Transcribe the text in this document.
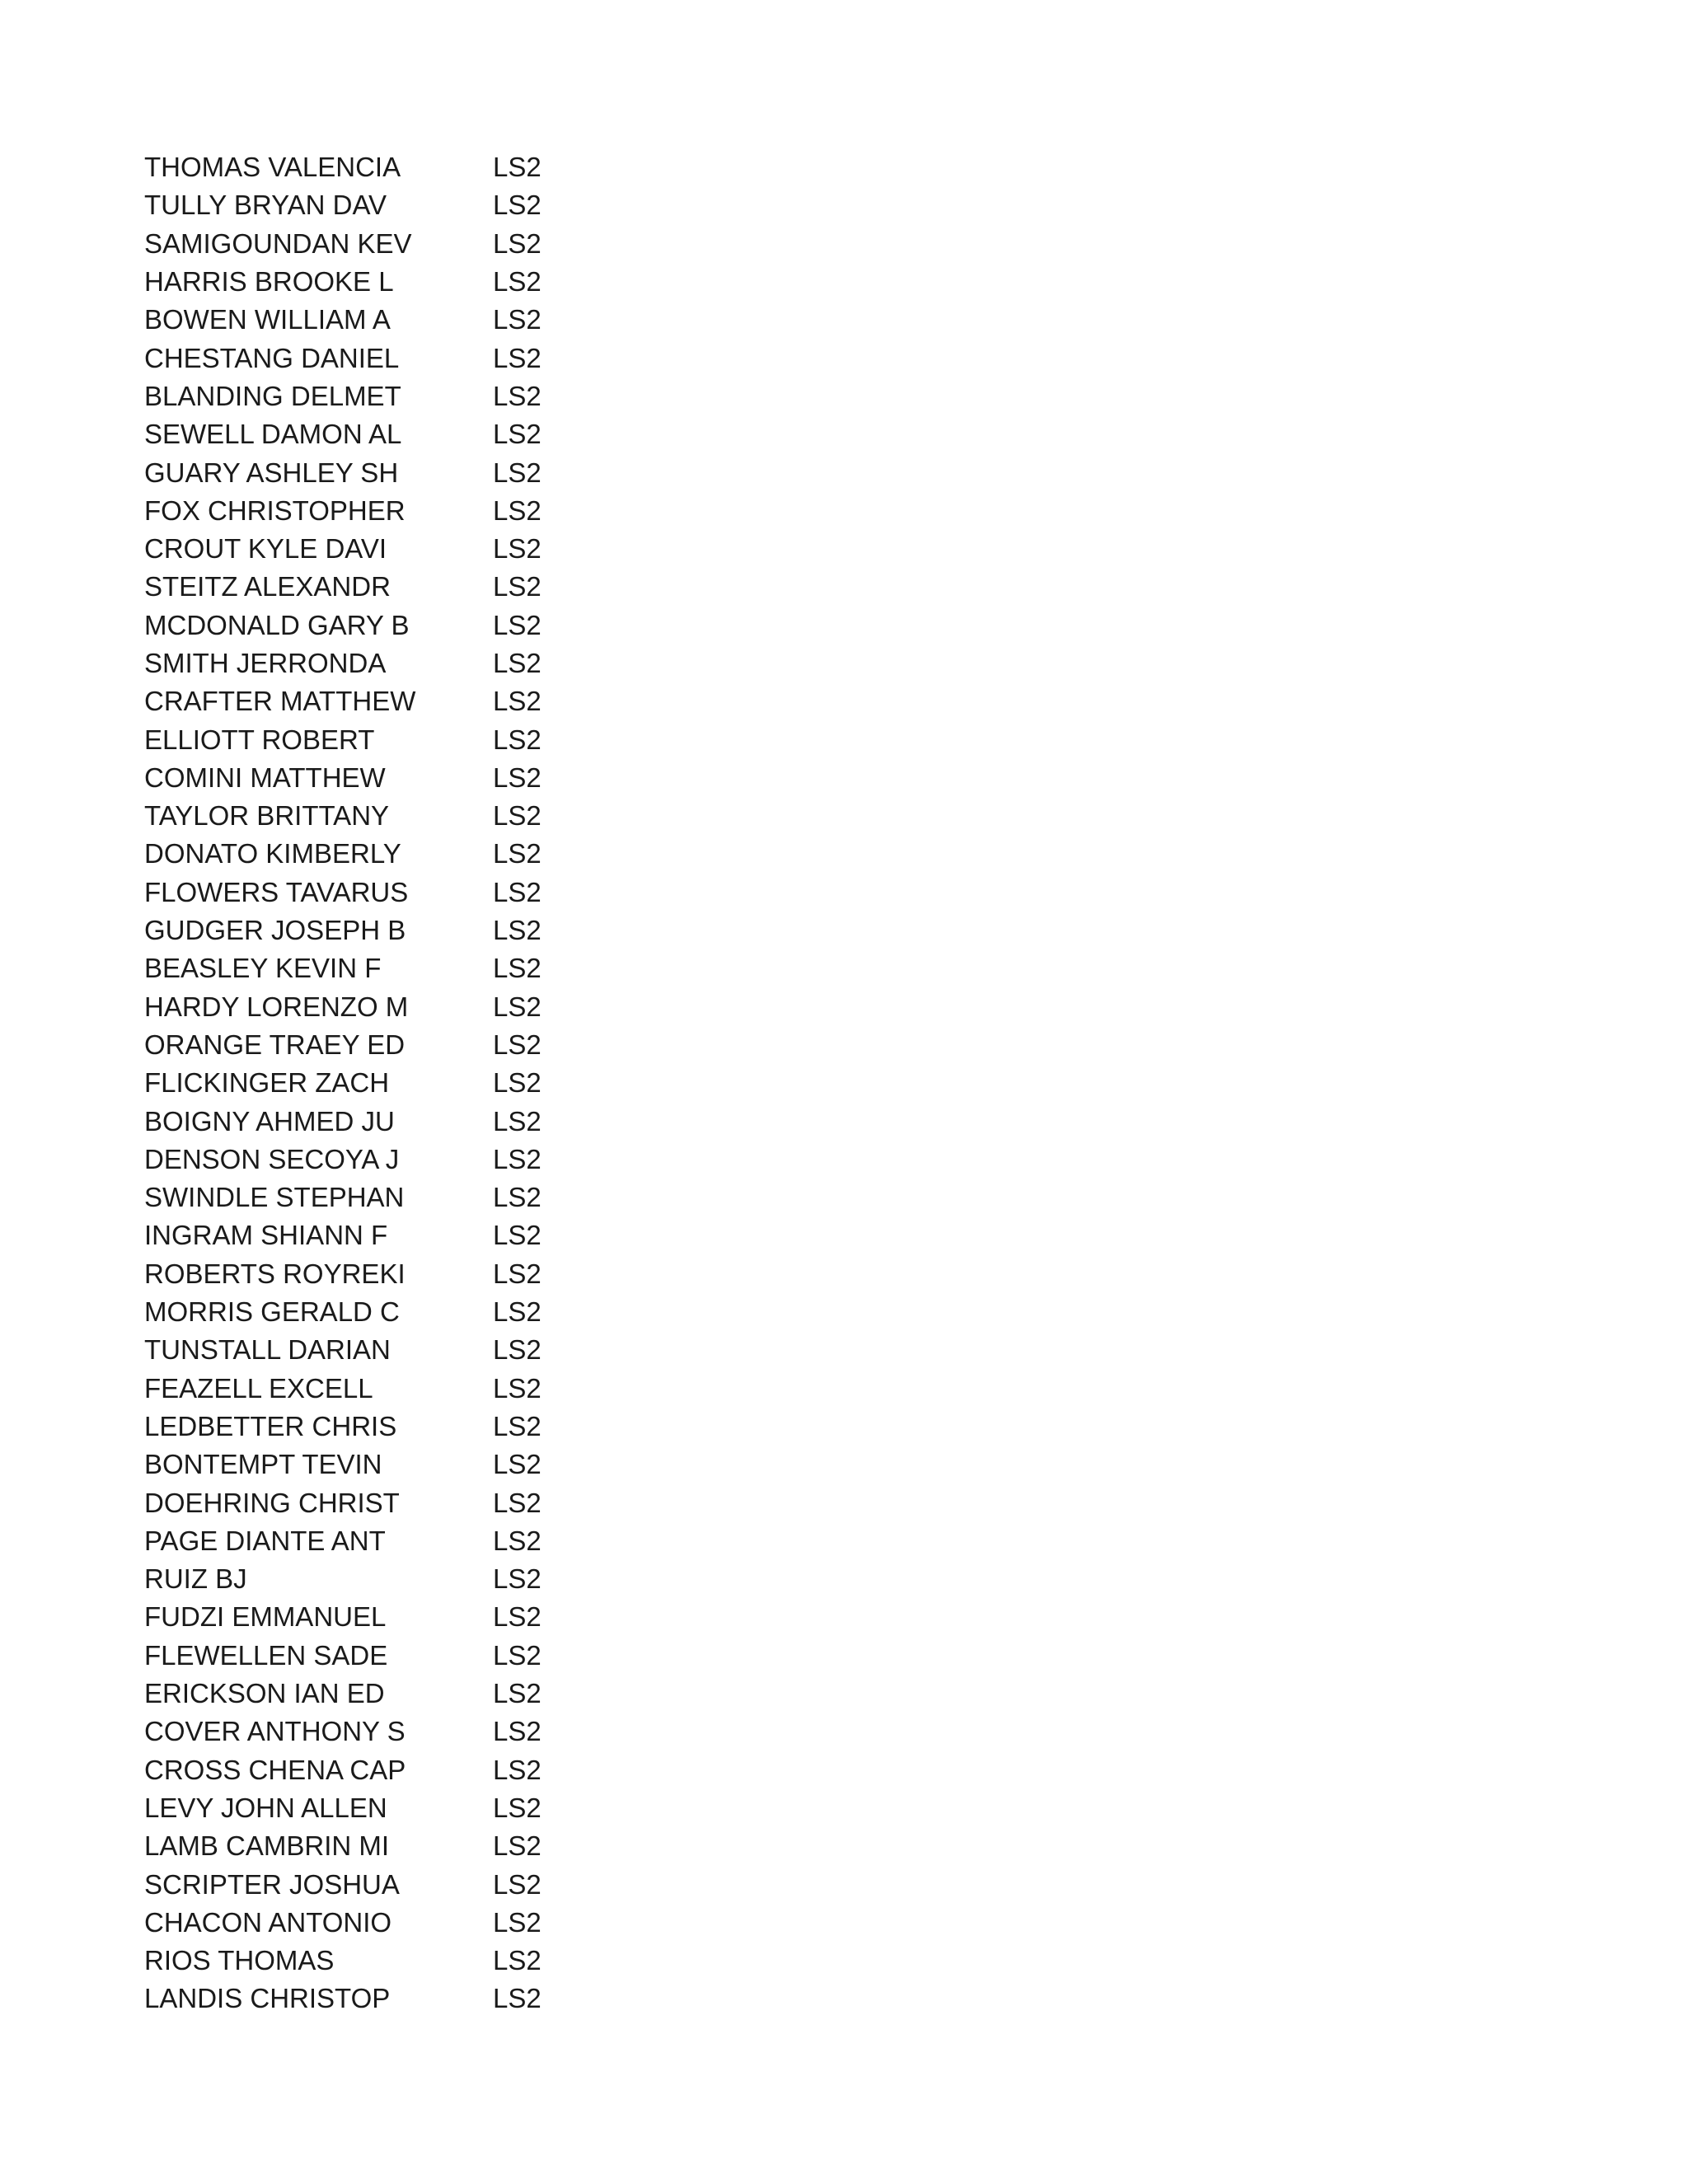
THOMAS VALENCIA	LS2
TULLY BRYAN DAV	LS2
SAMIGOUNDAN KEV	LS2
HARRIS BROOKE L	LS2
BOWEN WILLIAM A	LS2
CHESTANG DANIEL	LS2
BLANDING DELMET	LS2
SEWELL DAMON AL	LS2
GUARY ASHLEY SH	LS2
FOX CHRISTOPHER	LS2
CROUT KYLE DAVI	LS2
STEITZ ALEXANDR	LS2
MCDONALD GARY B	LS2
SMITH JERRONDA	LS2
CRAFTER MATTHEW	LS2
ELLIOTT ROBERT	LS2
COMINI MATTHEW	LS2
TAYLOR BRITTANY	LS2
DONATO KIMBERLY	LS2
FLOWERS TAVARUS	LS2
GUDGER JOSEPH B	LS2
BEASLEY KEVIN F	LS2
HARDY LORENZO M	LS2
ORANGE TRAEY ED	LS2
FLICKINGER ZACH	LS2
BOIGNY AHMED JU	LS2
DENSON SECOYA J	LS2
SWINDLE STEPHAN	LS2
INGRAM SHIANN F	LS2
ROBERTS ROYREKI	LS2
MORRIS GERALD C	LS2
TUNSTALL DARIAN	LS2
FEAZELL EXCELL	LS2
LEDBETTER CHRIS	LS2
BONTEMPT TEVIN	LS2
DOEHRING CHRIST	LS2
PAGE DIANTE ANT	LS2
RUIZ BJ	LS2
FUDZI EMMANUEL	LS2
FLEWELLEN SADE	LS2
ERICKSON IAN ED	LS2
COVER ANTHONY S	LS2
CROSS CHENA CAP	LS2
LEVY JOHN ALLEN	LS2
LAMB CAMBRIN MI	LS2
SCRIPTER JOSHUA	LS2
CHACON ANTONIO	LS2
RIOS THOMAS	LS2
LANDIS CHRISTOP	LS2
